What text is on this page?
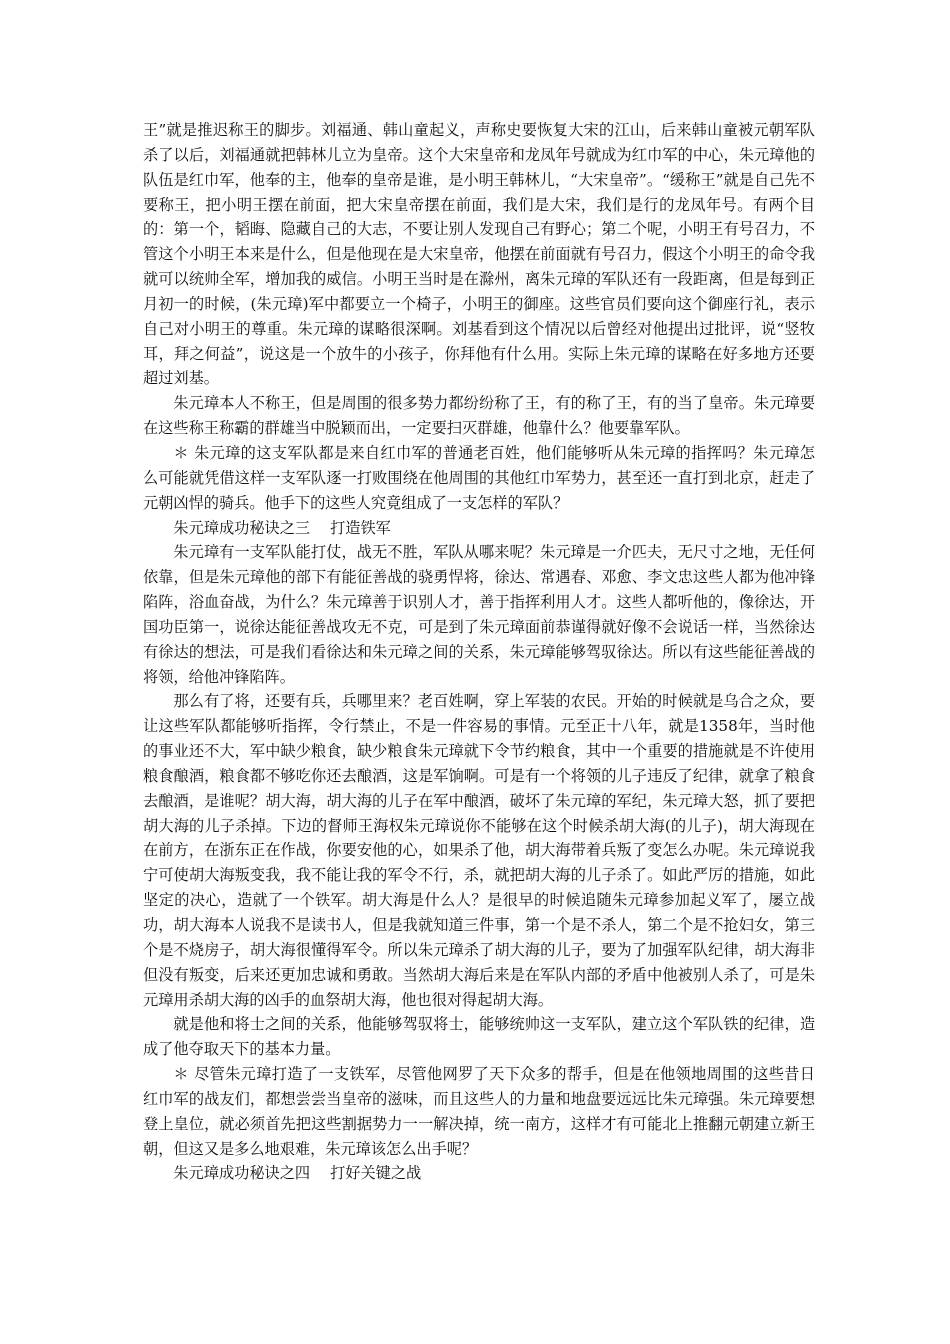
王”就是推迟称王的脚步。刘福通、韩山童起义，声称史要恢复大宋的江山，后来韩山童被元朝军队杀了以后，刘福通就把韩林儿立为皇帝。这个大宋皇帝和龙凤年号就成为红巾军的中心，朱元璋他的队伍是红巾军，他奉的主，他奉的皇帝是谁，是小明王韩林儿，“大宋皇帝”。“缓称王”就是自己先不要称王，把小明王摆在前面，把大宋皇帝摆在前面，我们是大宋，我们是行的龙凤年号。有两个目的：第一个，韬晦、隐藏自己的大志，不要让别人发现自己有野心；第二个呢，小明王有号召力，不管这个小明王本来是什么，但是他现在是大宋皇帝，他摆在前面就有号召力，假这个小明王的命令我就可以统帅全军，增加我的威信。小明王当时是在滁州，离朱元璋的军队还有一段距离，但是每到正月初一的时候，(朱元璋)军中都要立一个椅子，小明王的御座。这些官员们要向这个御座行礼，表示自己对小明王的尊重。朱元璋的谋略很深啊。刘基看到这个情况以后曾经对他提出过批评，说“竖牧耳，拜之何益”，说这是一个放牛的小孩子，你拜他有什么用。实际上朱元璋的谋略在好多地方还要超过刘基。

朱元璋本人不称王，但是周围的很多势力都纷纷称了王，有的称了王，有的当了皇帝。朱元璋要在这些称王称霸的群雄当中脱颖而出，一定要扫灭群雄，他靠什么？他要靠军队。

＊ 朱元璋的这支军队都是来自红巾军的普通老百姓，他们能够听从朱元璋的指挥吗？朱元璋怎么可能就凭借这样一支军队逐一打败围绕在他周围的其他红巾军势力，甚至还一直打到北京，赶走了元朝凶悍的骑兵。他手下的这些人究竟组成了一支怎样的军队？

朱元璋成功秘诀之三　 打造铁军

朱元璋有一支军队能打仗，战无不胜，军队从哪来呢？朱元璋是一介匹夫，无尺寸之地，无任何依靠，但是朱元璋他的部下有能征善战的骁勇悍将，徐达、常遇春、邓愈、李文忠这些人都为他冲锋陷阵，浴血奋战，为什么？朱元璋善于识别人才，善于指挥利用人才。这些人都听他的，像徐达，开国功臣第一，说徐达能征善战攻无不克，可是到了朱元璋面前恭谨得就好像不会说话一样，当然徐达有徐达的想法，可是我们看徐达和朱元璋之间的关系，朱元璋能够驾驭徐达。所以有这些能征善战的将领，给他冲锋陷阵。

那么有了将，还要有兵，兵哪里来？老百姓啊，穿上军装的农民。开始的时候就是乌合之众，要让这些军队都能够听指挥，令行禁止，不是一件容易的事情。元至正十八年，就是1358年，当时他的事业还不大，军中缺少粮食，缺少粮食朱元璋就下令节约粮食，其中一个重要的措施就是不许使用粮食酿酒，粮食都不够吃你还去酿酒，这是军饷啊。可是有一个将领的儿子违反了纪律，就拿了粮食去酿酒，是谁呢？胡大海，胡大海的儿子在军中酿酒，破坏了朱元璋的军纪，朱元璋大怒，抓了要把胡大海的儿子杀掉。下边的督师王海权朱元璋说你不能够在这个时候杀胡大海(的儿子)，胡大海现在在前方，在浙东正在作战，你要安他的心，如果杀了他，胡大海带着兵叛了变怎么办呢。朱元璋说我宁可使胡大海叛变我，我不能让我的军令不行，杀，就把胡大海的儿子杀了。如此严厉的措施，如此坚定的决心，造就了一个铁军。胡大海是什么人？是很早的时候追随朱元璋参加起义军了，屡立战功，胡大海本人说我不是读书人，但是我就知道三件事，第一个是不杀人，第二个是不抢妇女，第三个是不烧房子，胡大海很懂得军令。所以朱元璋杀了胡大海的儿子，要为了加强军队纪律，胡大海非但没有叛变，后来还更加忠诚和勇敢。当然胡大海后来是在军队内部的矛盾中他被别人杀了，可是朱元璋用杀胡大海的凶手的血祭胡大海，他也很对得起胡大海。

就是他和将士之间的关系，他能够驾驭将士，能够统帅这一支军队，建立这个军队铁的纪律，造成了他夺取天下的基本力量。

＊ 尽管朱元璋打造了一支铁军，尽管他网罗了天下众多的帮手，但是在他领地周围的这些昔日红巾军的战友们，都想尝尝当皇帝的滋味，而且这些人的力量和地盘要远远比朱元璋强。朱元璋要想登上皇位，就必须首先把这些割据势力一一解决掉，统一南方，这样才有可能北上推翻元朝建立新王朝，但这又是多么地艰难，朱元璋该怎么出手呢？

朱元璋成功秘诀之四　 打好关键之战
